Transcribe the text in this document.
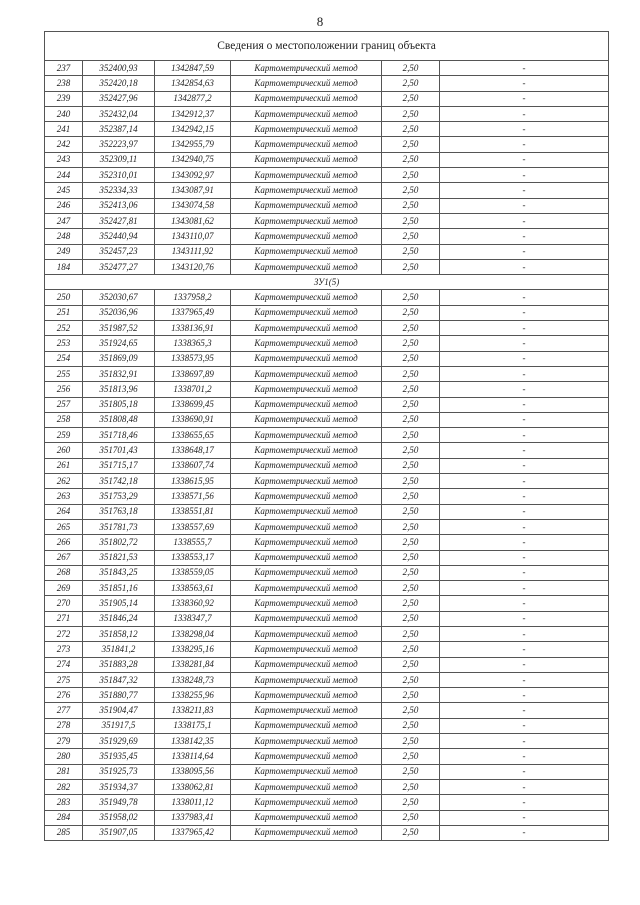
8
Сведения о местоположении границ объекта					
237	352400,93	1342847,59	Картометрический метод	2,50	-
238	352420,18	1342854,63	Картометрический метод	2,50	-
239	352427,96	1342877,2	Картометрический метод	2,50	-
240	352432,04	1342912,37	Картометрический метод	2,50	-
241	352387,14	1342942,15	Картометрический метод	2,50	-
242	352223,97	1342955,79	Картометрический метод	2,50	-
243	352309,11	1342940,75	Картометрический метод	2,50	-
244	352310,01	1343092,97	Картометрический метод	2,50	-
245	352334,33	1343087,91	Картометрический метод	2,50	-
246	352413,06	1343074,58	Картометрический метод	2,50	-
247	352427,81	1343081,62	Картометрический метод	2,50	-
248	352440,94	1343110,07	Картометрический метод	2,50	-
249	352457,23	1343111,92	Картометрический метод	2,50	-
184	352477,27	1343120,76	Картометрический метод	2,50	-
ЗУ1(5)					
250	352030,67	1337958,2	Картометрический метод	2,50	-
251	352036,96	1337965,49	Картометрический метод	2,50	-
252	351987,52	1338136,91	Картометрический метод	2,50	-
253	351924,65	1338365,3	Картометрический метод	2,50	-
254	351869,09	1338573,95	Картометрический метод	2,50	-
255	351832,91	1338697,89	Картометрический метод	2,50	-
256	351813,96	1338701,2	Картометрический метод	2,50	-
257	351805,18	1338699,45	Картометрический метод	2,50	-
258	351808,48	1338690,91	Картометрический метод	2,50	-
259	351718,46	1338655,65	Картометрический метод	2,50	-
260	351701,43	1338648,17	Картометрический метод	2,50	-
261	351715,17	1338607,74	Картометрический метод	2,50	-
262	351742,18	1338615,95	Картометрический метод	2,50	-
263	351753,29	1338571,56	Картометрический метод	2,50	-
264	351763,18	1338551,81	Картометрический метод	2,50	-
265	351781,73	1338557,69	Картометрический метод	2,50	-
266	351802,72	1338555,7	Картометрический метод	2,50	-
267	351821,53	1338553,17	Картометрический метод	2,50	-
268	351843,25	1338559,05	Картометрический метод	2,50	-
269	351851,16	1338563,61	Картометрический метод	2,50	-
270	351905,14	1338360,92	Картометрический метод	2,50	-
271	351846,24	1338347,7	Картометрический метод	2,50	-
272	351858,12	1338298,04	Картометрический метод	2,50	-
273	351841,2	1338295,16	Картометрический метод	2,50	-
274	351883,28	1338281,84	Картометрический метод	2,50	-
275	351847,32	1338248,73	Картометрический метод	2,50	-
276	351880,77	1338255,96	Картометрический метод	2,50	-
277	351904,47	1338211,83	Картометрический метод	2,50	-
278	351917,5	1338175,1	Картометрический метод	2,50	-
279	351929,69	1338142,35	Картометрический метод	2,50	-
280	351935,45	1338114,64	Картометрический метод	2,50	-
281	351925,73	1338095,56	Картометрический метод	2,50	-
282	351934,37	1338062,81	Картометрический метод	2,50	-
283	351949,78	1338011,12	Картометрический метод	2,50	-
284	351958,02	1337983,41	Картометрический метод	2,50	-
285	351907,05	1337965,42	Картометрический метод	2,50	-
